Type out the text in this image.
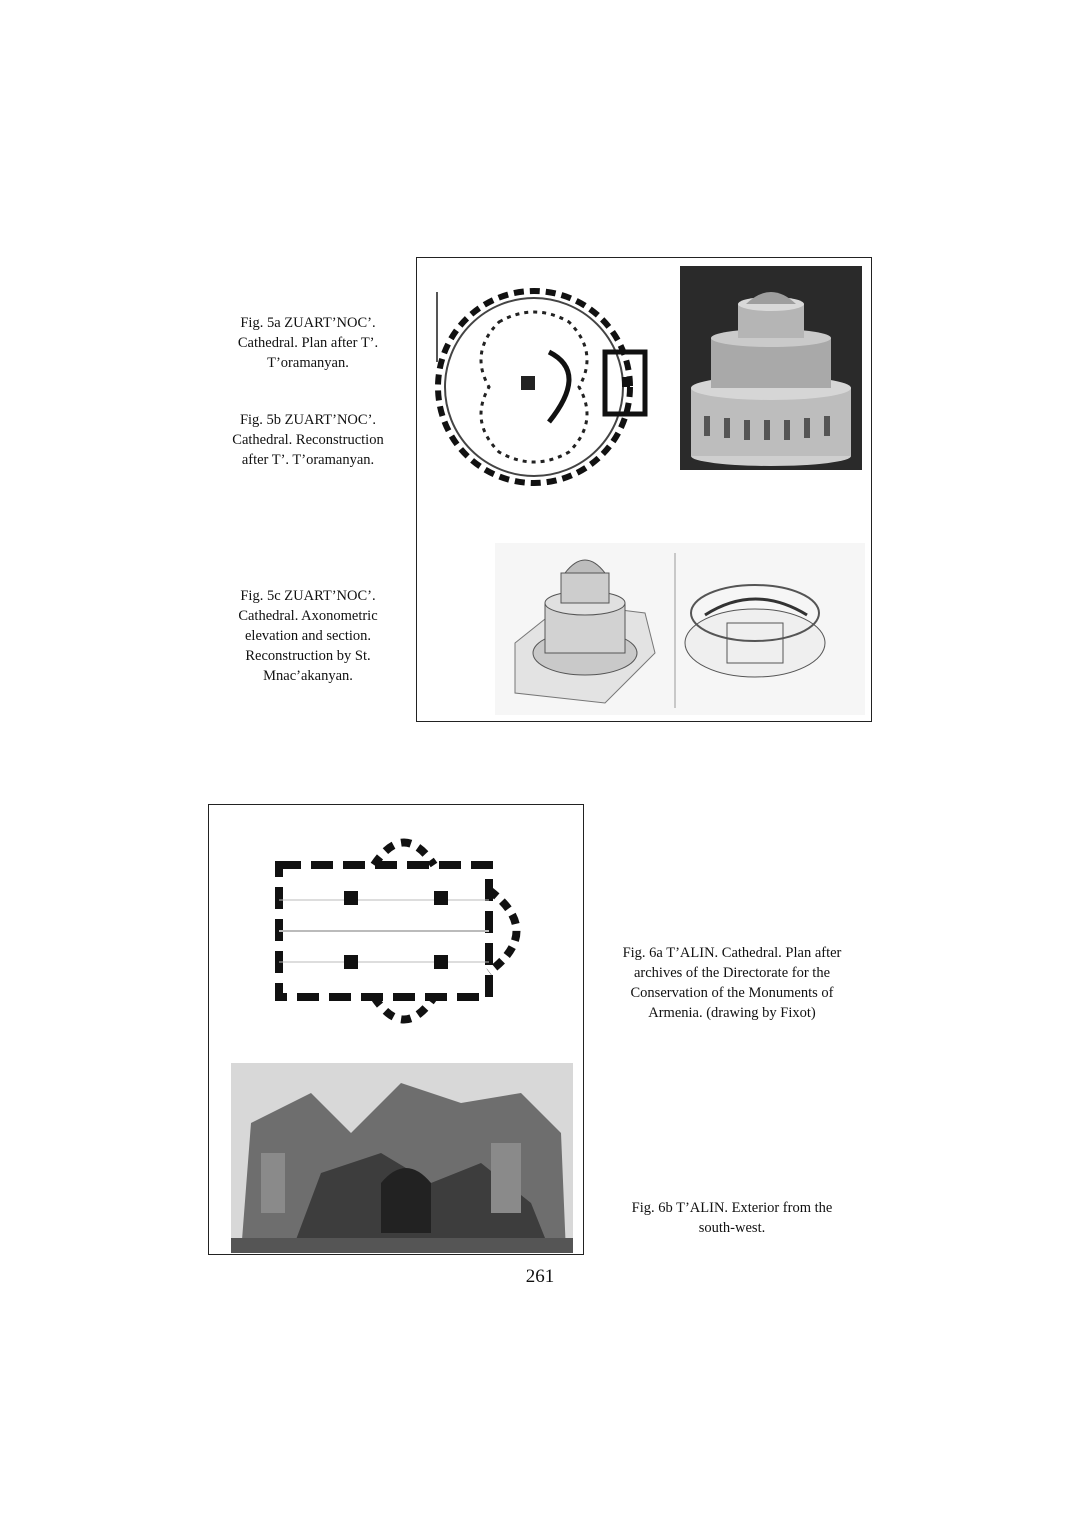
Fig. 5a ZUART’NOC’. Cathedral. Plan after T’. T’oramanyan.

Fig. 5b ZUART’NOC’. Cathedral. Reconstruction after T’. T’oramanyan.

Fig. 5c ZUART’NOC’. Cathedral. Axonometric elevation and section. Reconstruction by St. Mnac’akanyan.

Fig. 6a T’ALIN. Cathedral. Plan after archives of the Directorate for the Conservation of the Monuments of Armenia. (drawing by Fixot)

Fig. 6b T’ALIN. Exterior from the south-west.

261
